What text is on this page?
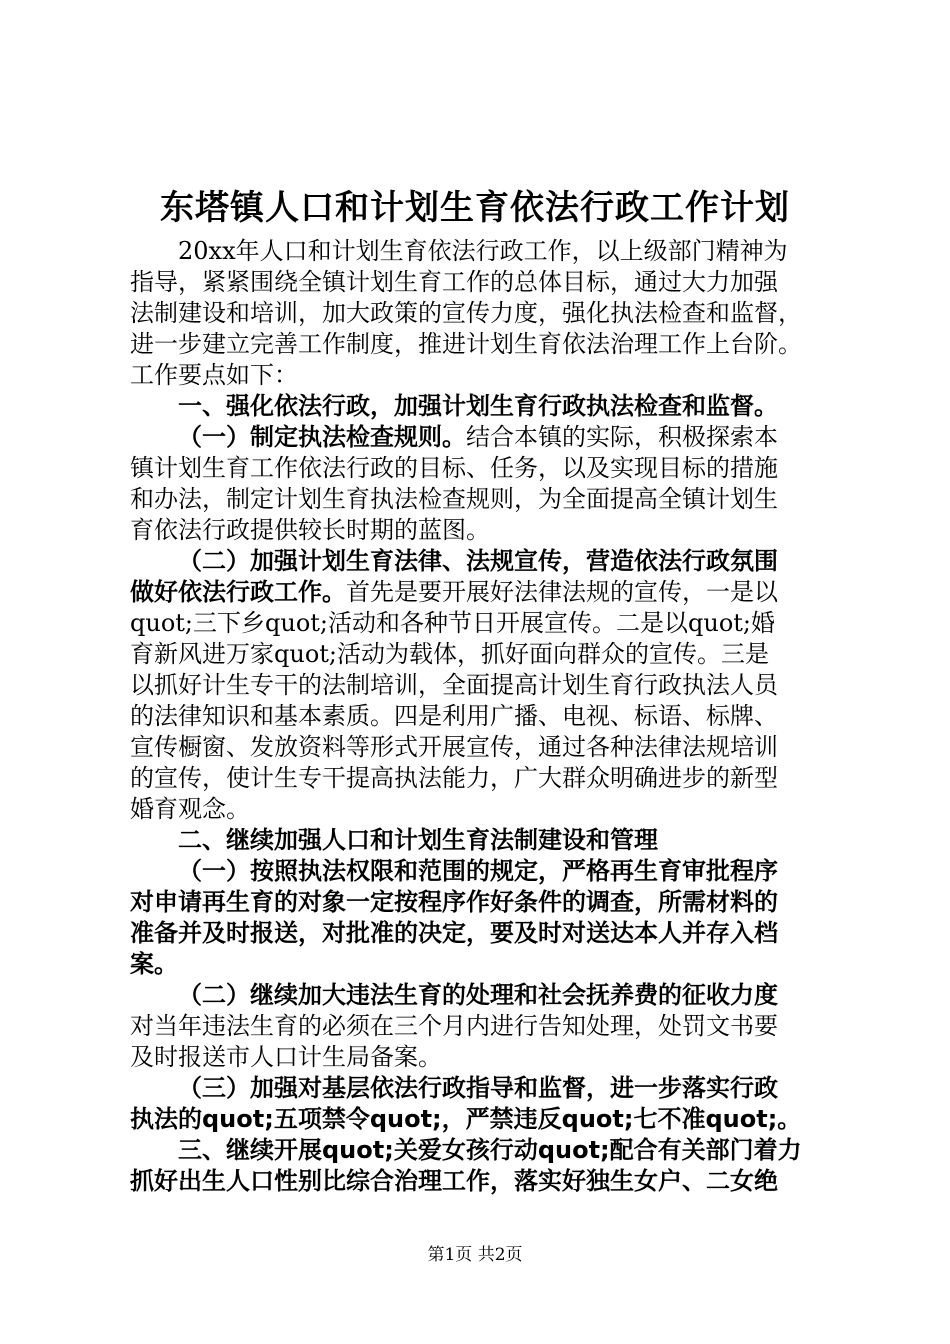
东塔镇人口和计划生育依法行政工作计划
20xx年人口和计划生育依法行政工作，以上级部门精神为
指导，紧紧围绕全镇计划生育工作的总体目标，通过大力加强
法制建设和培训，加大政策的宣传力度，强化执法检查和监督，
进一步建立完善工作制度，推进计划生育依法治理工作上台阶。
工作要点如下：
一、强化依法行政，加强计划生育行政执法检查和监督。
（一）制定执法检查规则。结合本镇的实际，积极探索本
镇计划生育工作依法行政的目标、任务，以及实现目标的措施
和办法，制定计划生育执法检查规则，为全面提高全镇计划生
育依法行政提供较长时期的蓝图。
（二）加强计划生育法律、法规宣传，营造依法行政氛围
做好依法行政工作。首先是要开展好法律法规的宣传，一是以
quot;三下乡quot;活动和各种节日开展宣传。二是以quot;婚
育新风进万家quot;活动为载体，抓好面向群众的宣传。三是
以抓好计生专干的法制培训，全面提高计划生育行政执法人员
的法律知识和基本素质。四是利用广播、电视、标语、标牌、
宣传橱窗、发放资料等形式开展宣传，通过各种法律法规培训
的宣传，使计生专干提高执法能力，广大群众明确进步的新型
婚育观念。
二、继续加强人口和计划生育法制建设和管理
（一）按照执法权限和范围的规定，严格再生育审批程序
对申请再生育的对象一定按程序作好条件的调查，所需材料的
准备并及时报送，对批准的决定，要及时对送达本人并存入档
案。
（二）继续加大违法生育的处理和社会抚养费的征收力度
对当年违法生育的必须在三个月内进行告知处理，处罚文书要
及时报送市人口计生局备案。
（三）加强对基层依法行政指导和监督，进一步落实行政
执法的quot;五项禁令quot;，严禁违反quot;七不准quot;。
三、继续开展quot;关爱女孩行动quot;配合有关部门着力
抓好出生人口性别比综合治理工作，落实好独生女户、二女绝
第1页 共2页
